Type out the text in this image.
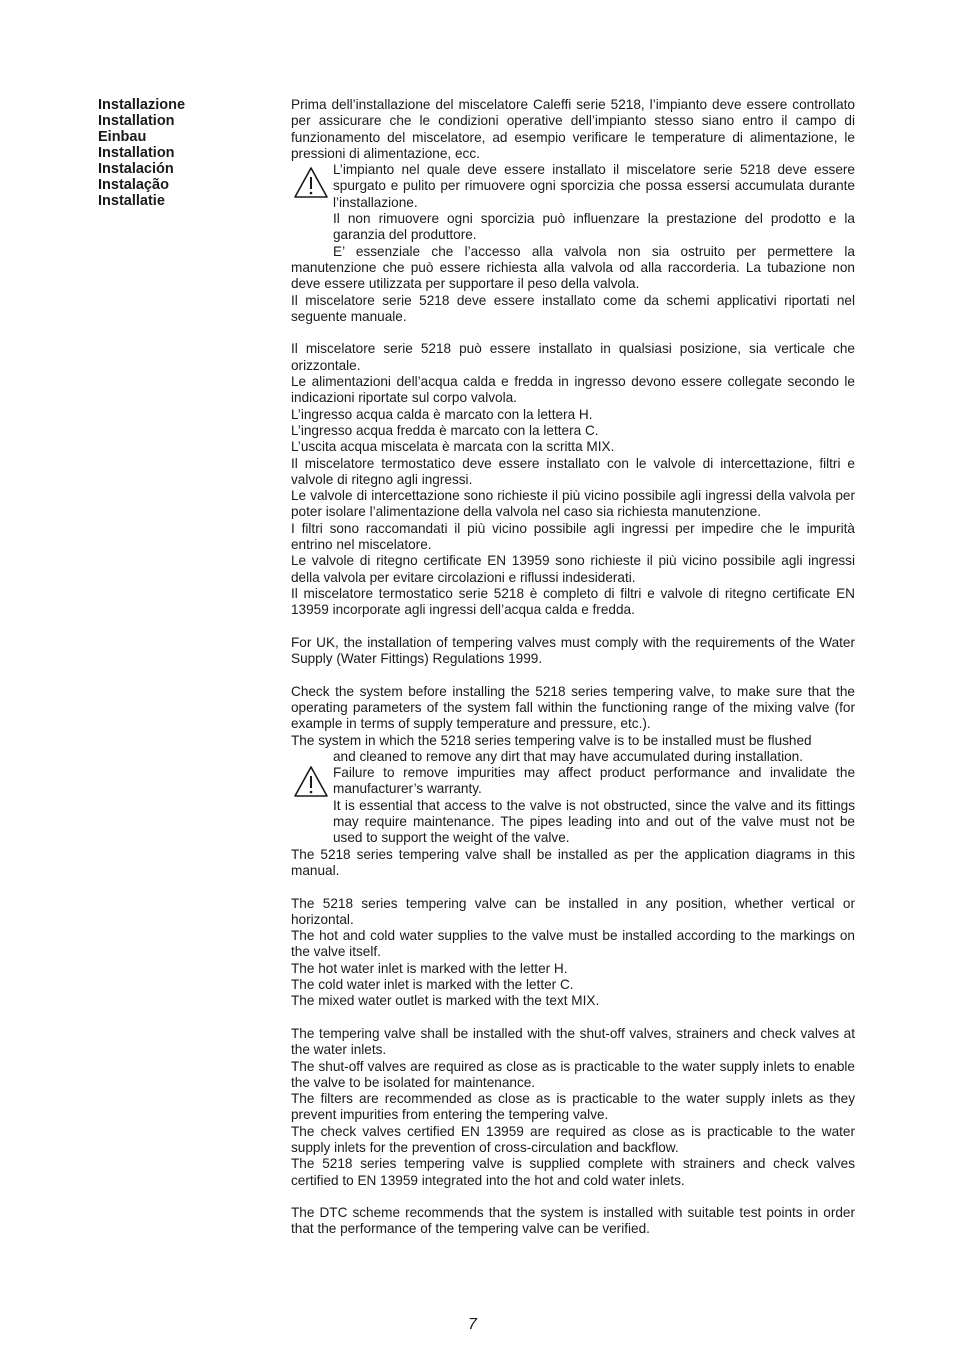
Installazione

Installation

Einbau

Installation

Instalación

Instalação

Installatie

Prima dell’installazione del miscelatore Caleffi serie 5218, l’impianto deve essere controllato per assicurare che le condizioni operative dell’impianto stesso siano entro il campo di funzionamento del miscelatore, ad esempio verificare le temperature di alimentazione, le pressioni di alimentazione, ecc.

L’impianto nel quale deve essere installato il miscelatore serie 5218 deve essere spurgato e pulito per rimuovere ogni sporcizia che possa essersi accumulata durante l’installazione.

Il non rimuovere ogni sporcizia può influenzare la prestazione del prodotto e la garanzia del produttore.

E’ essenziale che l’accesso alla valvola non sia ostruito per permettere la manutenzione che può essere richiesta alla valvola od alla raccorderia. La tubazione non deve essere utilizzata per supportare il peso della valvola.

Il miscelatore serie 5218 deve essere installato come da schemi applicativi riportati nel seguente manuale.

Il miscelatore serie 5218 può essere installato in qualsiasi posizione, sia verticale che orizzontale.

Le alimentazioni dell’acqua calda e fredda in ingresso devono essere collegate secondo le indicazioni riportate sul corpo valvola.

L’ingresso acqua calda è marcato con la lettera H.

L’ingresso acqua fredda è marcato con la lettera C.

L’uscita acqua miscelata è marcata con la scritta MIX.

Il miscelatore termostatico deve essere installato con le valvole di intercettazione, filtri e valvole di ritegno agli ingressi.

Le valvole di intercettazione sono richieste il più vicino possibile agli ingressi della valvola per poter isolare l’alimentazione della valvola nel caso sia richiesta manutenzione.

I filtri sono raccomandati il più vicino possibile agli ingressi per impedire che le impurità entrino nel miscelatore.

Le valvole di ritegno certificate EN 13959 sono richieste il più vicino possibile agli ingressi della valvola per evitare circolazioni e riflussi indesiderati.

Il miscelatore termostatico serie 5218 è completo di filtri e valvole di ritegno certificate EN 13959 incorporate agli ingressi dell’acqua calda e fredda.

For UK, the installation of tempering valves must comply with the requirements of the Water Supply (Water Fittings) Regulations 1999.

Check the system before installing the 5218 series tempering valve, to make sure that the operating parameters of the system fall within the functioning range of the mixing valve (for example in terms of supply temperature and pressure, etc.).

The system in which the 5218 series tempering valve is to be installed must be flushed

and cleaned to remove any dirt that may have accumulated during installation.

Failure to remove impurities may affect product performance and invalidate the manufacturer’s warranty.

It is essential that access to the valve is not obstructed, since the valve and its fittings may require maintenance. The pipes leading into and out of the valve must not be used to support the weight of the valve.

The 5218 series tempering valve shall be installed as per the application diagrams in this manual.

The 5218 series tempering valve can be installed in any position, whether vertical or horizontal.

The hot and cold water supplies to the valve must be installed according to the markings on the valve itself.

The hot water inlet is marked with the letter H.

The cold water inlet is marked with the letter C.

The mixed water outlet is marked with the text MIX.

The tempering valve shall be installed with the shut-off valves, strainers and check valves at the water inlets.

The shut-off valves are required as close as is practicable to the water supply inlets to enable the valve to be isolated for maintenance.

The filters are recommended as close as is practicable to the water supply inlets as they prevent impurities from entering the tempering valve.

The check valves certified EN 13959 are required as close as is practicable to the water supply inlets for the prevention of cross-circulation and backflow.

The 5218 series tempering valve is supplied complete with strainers and check valves certified to EN 13959 integrated into the hot and cold water inlets.

The DTC scheme recommends that the system is installed with suitable test points in order that the performance of the tempering valve can be verified.

7
